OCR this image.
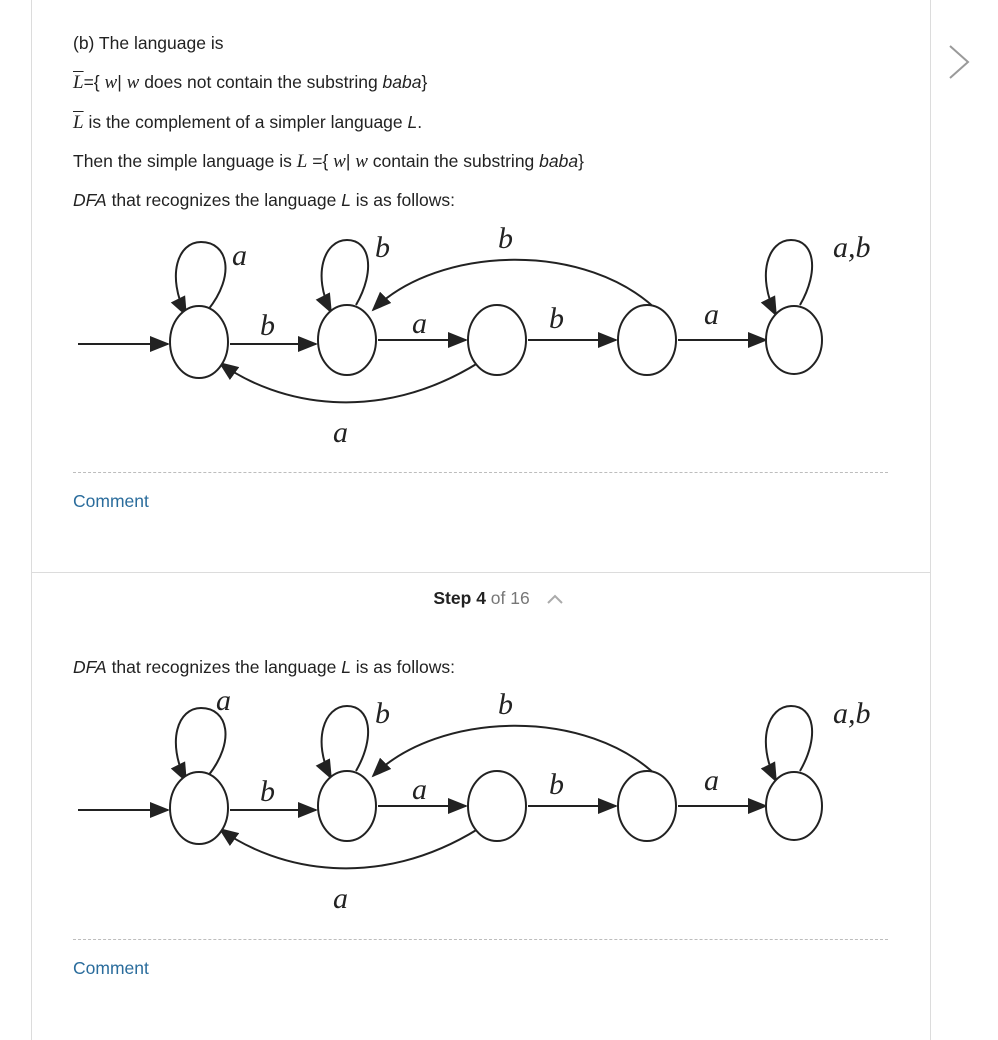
(b) The language is
$\overline{L}=${ w| w does not contain the substring baba}
$\overline{L}$ is the complement of a simpler language L.
Then the simple language is L ={ w| w contain the substring baba}
DFA that recognizes the language L is as follows:
a	b	a,b
b	a	b	a
b
a
Comment
Step 4 of 16
DFA that recognizes the language L is as follows:
a	b	a,b
b	a	b	a
b
a
Comment
